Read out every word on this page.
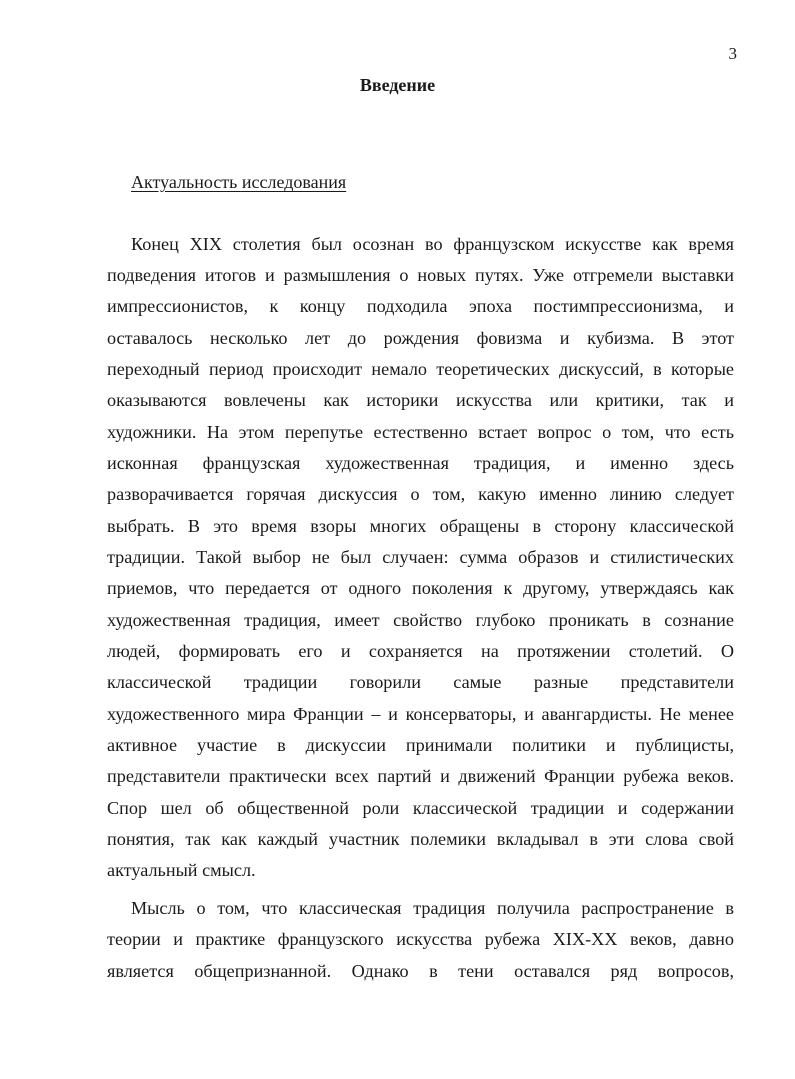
3
Введение
Актуальность исследования
Конец XIX столетия был осознан во французском искусстве как время
подведения итогов и размышления о новых путях. Уже отгремели выставки
импрессионистов, к концу подходила эпоха постимпрессионизма, и
оставалось несколько лет до рождения фовизма и кубизма. В этот
переходный период происходит немало теоретических дискуссий, в которые
оказываются вовлечены как историки искусства или критики, так и
художники. На этом перепутье естественно встает вопрос о том, что есть
исконная французская художественная традиция, и именно здесь
разворачивается горячая дискуссия о том, какую именно линию следует
выбрать. В это время взоры многих обращены в сторону классической
традиции. Такой выбор не был случаен: сумма образов и стилистических
приемов, что передается от одного поколения к другому, утверждаясь как
художественная традиция, имеет свойство глубоко проникать в сознание
людей, формировать его и сохраняется на протяжении столетий. О
классической традиции говорили самые разные представители
художественного мира Франции – и консерваторы, и авангардисты. Не менее
активное участие в дискуссии принимали политики и публицисты,
представители практически всех партий и движений Франции рубежа веков.
Спор шел об общественной роли классической традиции и содержании
понятия, так как каждый участник полемики вкладывал в эти слова свой
актуальный смысл.
Мысль о том, что классическая традиция получила распространение в
теории и практике французского искусства рубежа XIX-XX веков, давно
является общепризнанной. Однако в тени оставался ряд вопросов,
